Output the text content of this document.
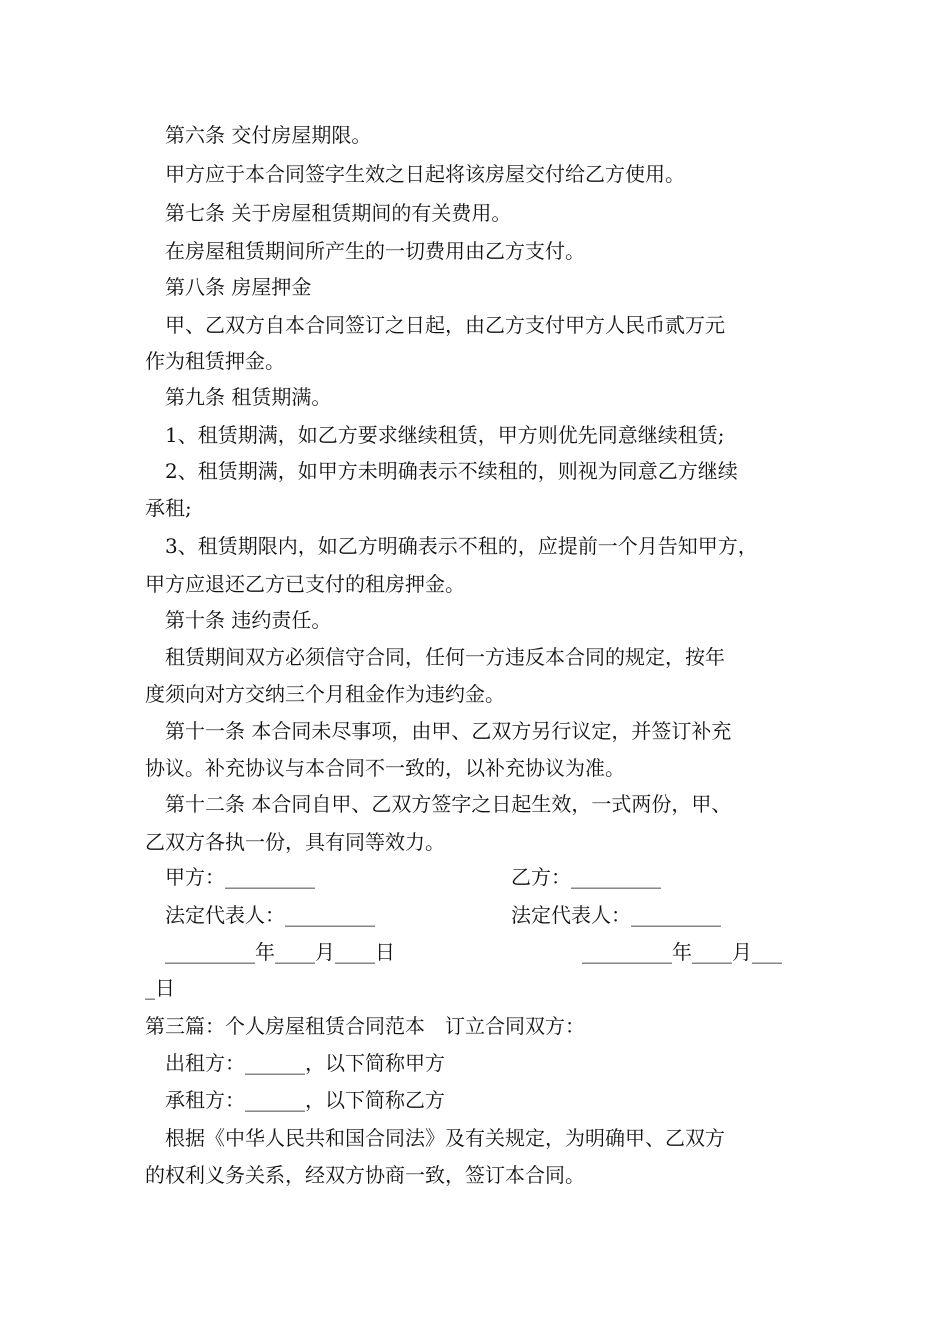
第六条 交付房屋期限。
甲方应于本合同签字生效之日起将该房屋交付给乙方使用。
第七条 关于房屋租赁期间的有关费用。
在房屋租赁期间所产生的一切费用由乙方支付。
第八条 房屋押金
甲、乙双方自本合同签订之日起，由乙方支付甲方人民币贰万元
作为租赁押金。
第九条 租赁期满。
1、租赁期满，如乙方要求继续租赁，甲方则优先同意继续租赁;
2、租赁期满，如甲方未明确表示不续租的，则视为同意乙方继续
承租;
3、租赁期限内，如乙方明确表示不租的，应提前一个月告知甲方，
甲方应退还乙方已支付的租房押金。
第十条 违约责任。
租赁期间双方必须信守合同，任何一方违反本合同的规定，按年
度须向对方交纳三个月租金作为违约金。
第十一条 本合同未尽事项，由甲、乙双方另行议定，并签订补充
协议。补充协议与本合同不一致的，以补充协议为准。
第十二条 本合同自甲、乙双方签字之日起生效，一式两份，甲、
乙双方各执一份，具有同等效力。
甲方：_________	乙方：_________
法定代表人：_________	法定代表人：_________
_________年____月____日	_________年____月___
_日
第三篇：个人房屋租赁合同范本　订立合同双方：
出租方：______，以下简称甲方
承租方：______，以下简称乙方
根据《中华人民共和国合同法》及有关规定，为明确甲、乙双方
的权利义务关系，经双方协商一致，签订本合同。
